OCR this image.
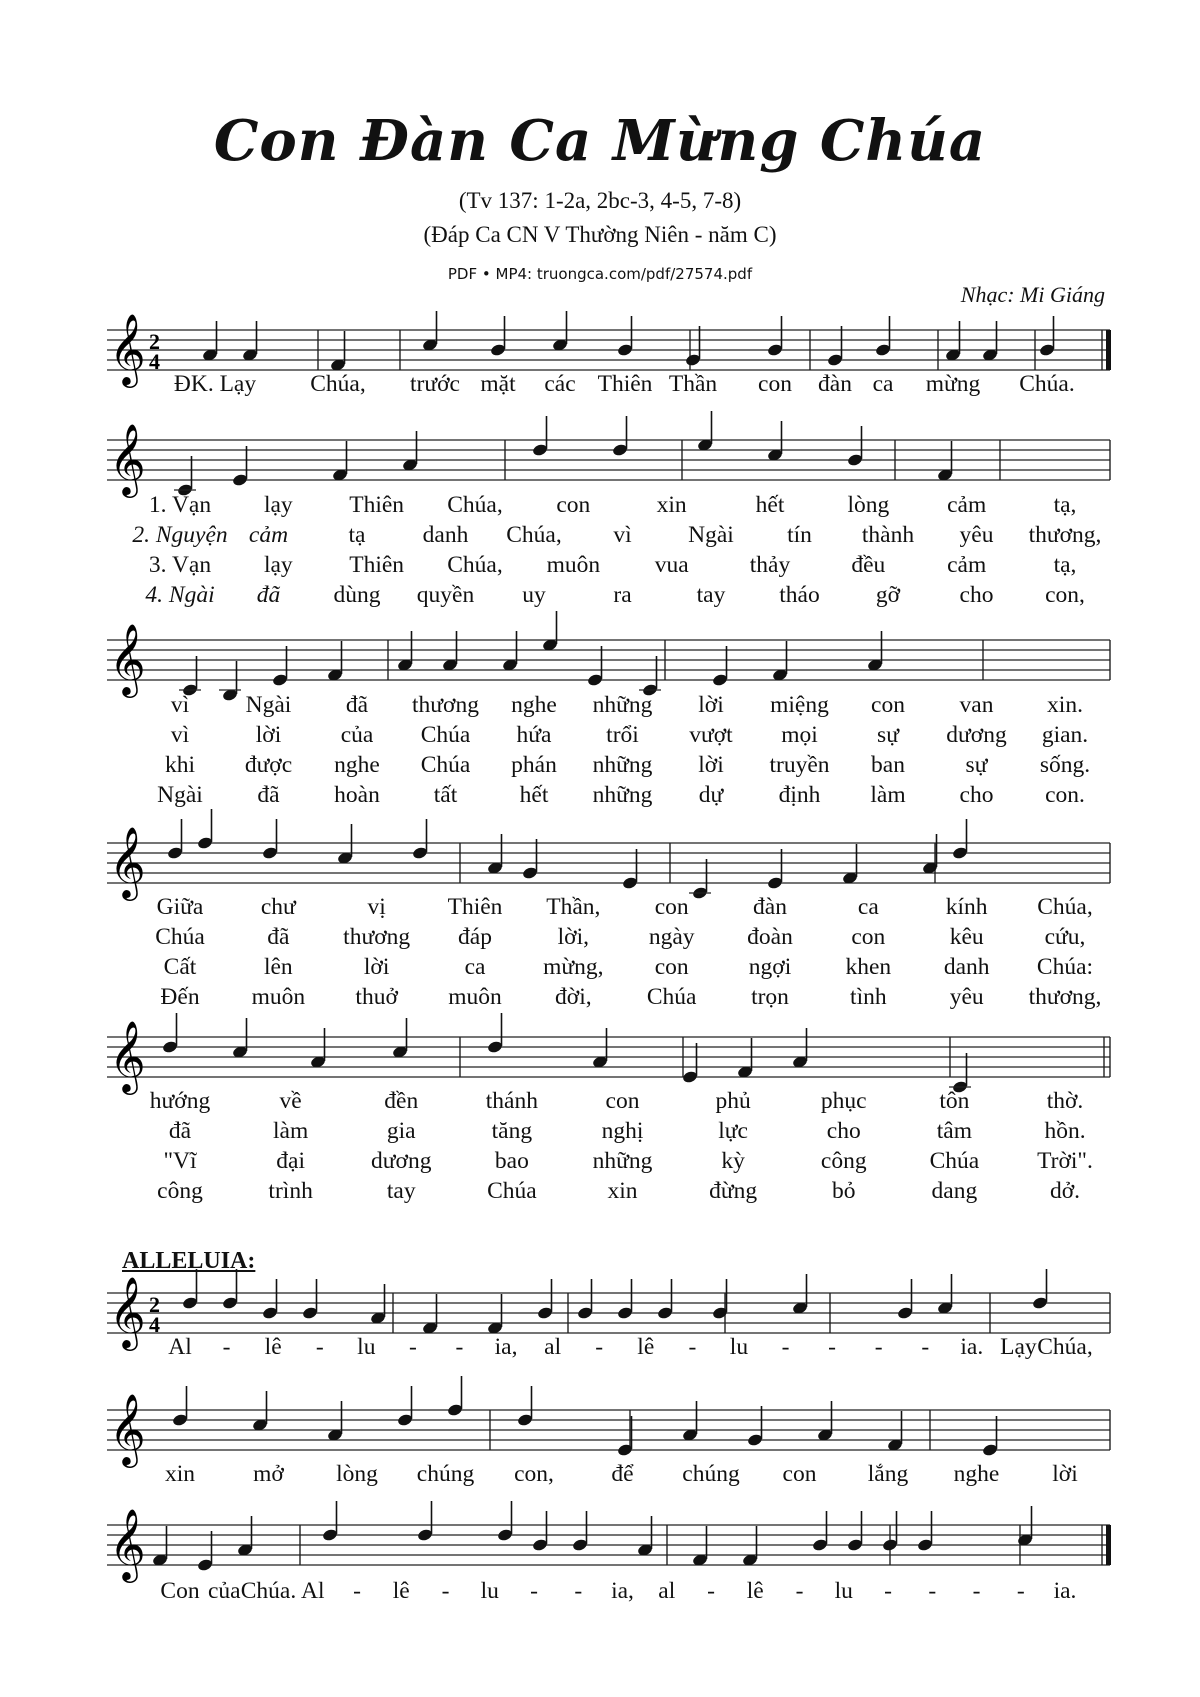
Con Đàn Ca Mừng Chúa
(Tv 137: 1-2a, 2bc-3, 4-5, 7-8)
(Đáp Ca CN V Thường Niên - năm C)
PDF • MP4: truongca.com/pdf/27574.pdf
Nhạc: Mi Giáng
ALLELUIA:
𝄞 2
4
ĐK. Lạy Chúa, trước mặt các Thiên Thần con đàn ca mừng Chúa.
𝄞
1. Vạn lạy Thiên Chúa, con	xin	hết	lòng cảm	tạ,
2. Nguyện cảm	tạ danh Chúa, vì Ngài tín thành yêu thương,
3. Vạn lạy Thiên Chúa, muôn vua	thảy	đều	cảm	tạ,
4. Ngài đã dùng quyền uy	ra	tay tháo gỡ	cho con,
𝄞
vì Ngài đã thương nghe những lời miệng con van xin.
vì	lời	của Chúa hứa trổi vượt mọi	sự dương gian.
khi được nghe Chúa phán những lời truyền ban	sự sống.
Ngài đã hoàn tất	hết những dự định làm cho con.
𝄞
Giữa chư	vị	Thiên Thần, con	đàn	ca	kính Chúa,
Chúa	đã thương đáp	lời,	ngày đoàn con	kêu	cứu,
Cất	lên	lời	ca mừng, con	ngợi khen danh Chúa:
Đến muôn thuở muôn đời, Chúa trọn	tình	yêu thương,
𝄞
hướng	về	đền	thánh	con	phủ	phục	tôn	thờ.
đã	làm	gia	tăng	nghị	lực	cho	tâm	hồn.
"Vĩ	đại	dương	bao	những	kỳ	công	Chúa Trời".
công	trình	tay	Chúa	xin	đừng	bỏ	dang	dở.
𝄞 2
4
Al - lê - lu - - ia, al - lê - lu - - - - ia. Lạy Chúa,
𝄞
xin mở lòng chúng con, để chúng con lắng nghe lời
𝄞
Con của Chúa. Al - lê - lu - - ia, al - lê - lu - - - - ia.
